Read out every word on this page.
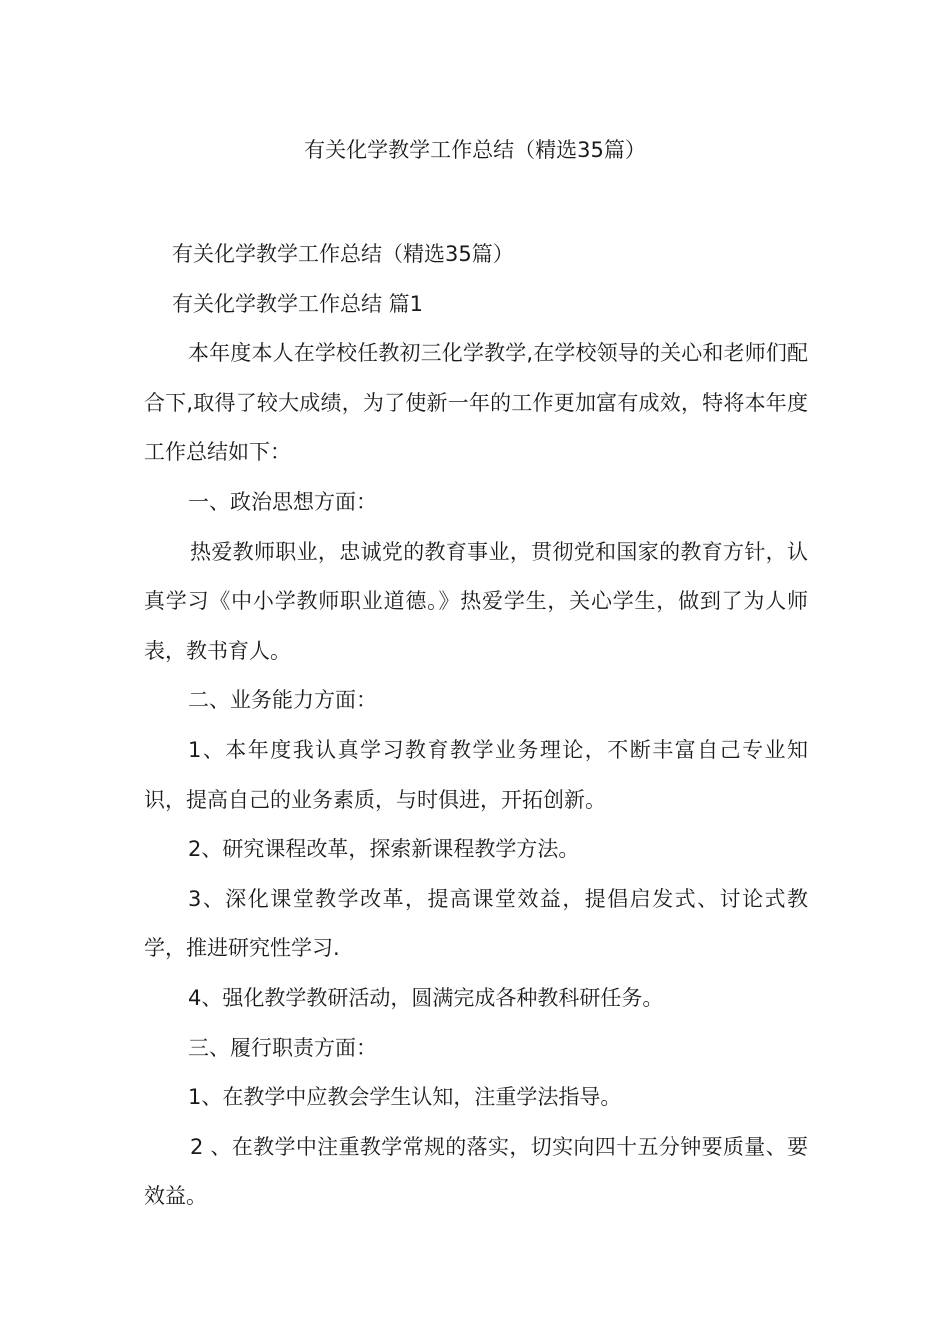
有关化学教学工作总结（精选35篇）

有关化学教学工作总结（精选35篇）

有关化学教学工作总结 篇1

本年度本人在学校任教初三化学教学,在学校领导的关心和老师们配合下,取得了较大成绩，为了使新一年的工作更加富有成效，特将本年度工作总结如下：

一、政治思想方面：

热爱教师职业，忠诚党的教育事业，贯彻党和国家的教育方针，认真学习《中小学教师职业道德。》热爱学生，关心学生，做到了为人师表，教书育人。

二、业务能力方面：

1、本年度我认真学习教育教学业务理论，不断丰富自己专业知识，提高自己的业务素质，与时俱进，开拓创新。

2、研究课程改革，探索新课程教学方法。

3、深化课堂教学改革，提高课堂效益，提倡启发式、讨论式教学，推进研究性学习.

4、强化教学教研活动，圆满完成各种教科研任务。

三、履行职责方面：

1、在教学中应教会学生认知，注重学法指导。

2 、在教学中注重教学常规的落实，切实向四十五分钟要质量、要效益。
